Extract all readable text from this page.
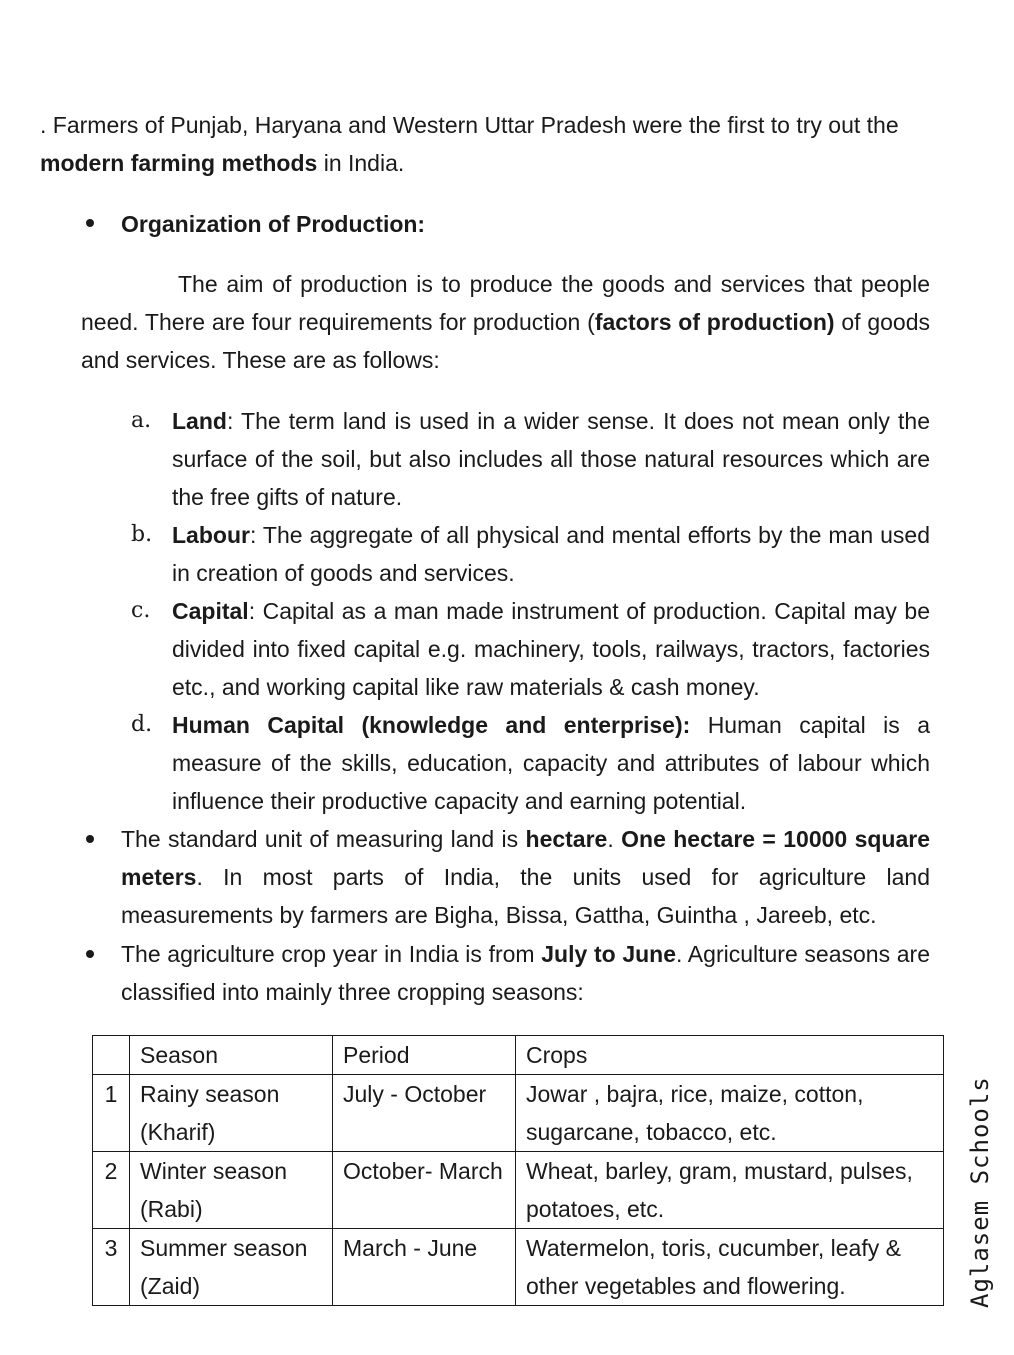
. Farmers of Punjab, Haryana and Western Uttar Pradesh were the first to try out the modern farming methods in India.

Organization of Production:

The aim of production is to produce the goods and services that people need. There are four requirements for production (factors of production) of goods and services. These are as follows:

a. Land: The term land is used in a wider sense. It does not mean only the surface of the soil, but also includes all those natural resources which are the free gifts of nature.

b. Labour: The aggregate of all physical and mental efforts by the man used in creation of goods and services.

c. Capital: Capital as a man made instrument of production. Capital may be divided into fixed capital e.g. machinery, tools, railways, tractors, factories etc., and working capital like raw materials & cash money.

d. Human Capital (knowledge and enterprise): Human capital is a measure of the skills, education, capacity and attributes of labour which influence their productive capacity and earning potential.

The standard unit of measuring land is hectare. One hectare = 10000 square meters. In most parts of India, the units used for agriculture land measurements by farmers are Bigha, Bissa, Gattha, Guintha , Jareeb, etc.

The agriculture crop year in India is from July to June. Agriculture seasons are classified into mainly three cropping seasons:

	Season	Period	Crops
1	Rainy season (Kharif)	July - October	Jowar , bajra, rice, maize, cotton, sugarcane, tobacco, etc.
2	Winter season (Rabi)	October- March	Wheat, barley, gram, mustard, pulses, potatoes, etc.
3	Summer season (Zaid)	March - June	Watermelon, toris, cucumber, leafy & other vegetables and flowering.	Aglasem Schools
